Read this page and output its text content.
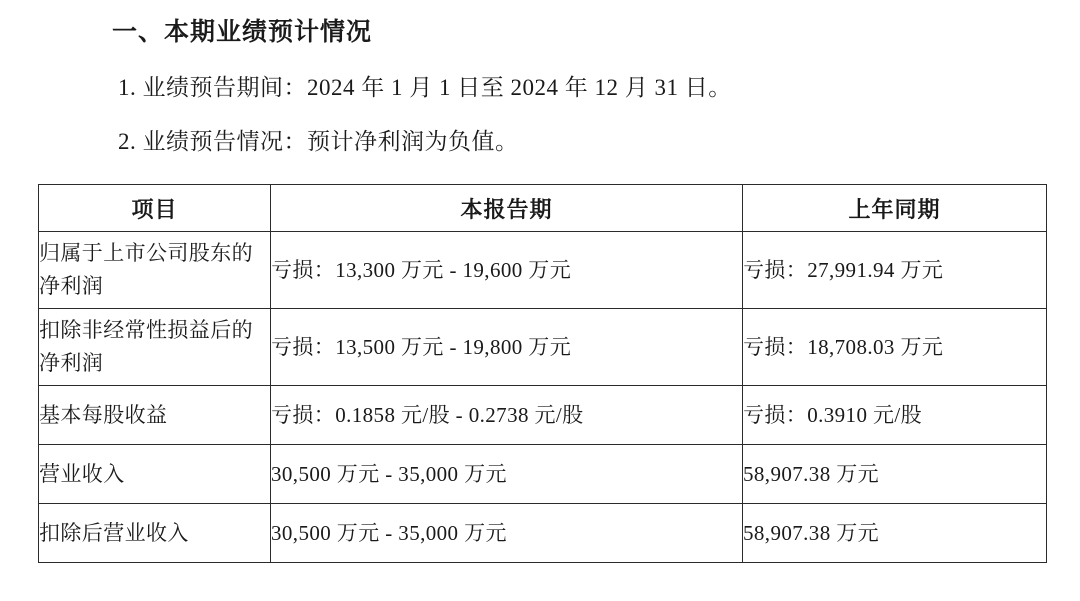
一、本期业绩预计情况
1. 业绩预告期间：2024 年 1 月 1 日至 2024 年 12 月 31 日。
2. 业绩预告情况：预计净利润为负值。
项目	本报告期	上年同期
归属于上市公司股东的净利润	亏损：13,300 万元 - 19,600 万元	亏损：27,991.94 万元
扣除非经常性损益后的净利润	亏损：13,500 万元 - 19,800 万元	亏损：18,708.03 万元
基本每股收益	亏损：0.1858 元/股 - 0.2738 元/股	亏损：0.3910 元/股
营业收入	30,500 万元 - 35,000 万元	58,907.38 万元
扣除后营业收入	30,500 万元 - 35,000 万元	58,907.38 万元
